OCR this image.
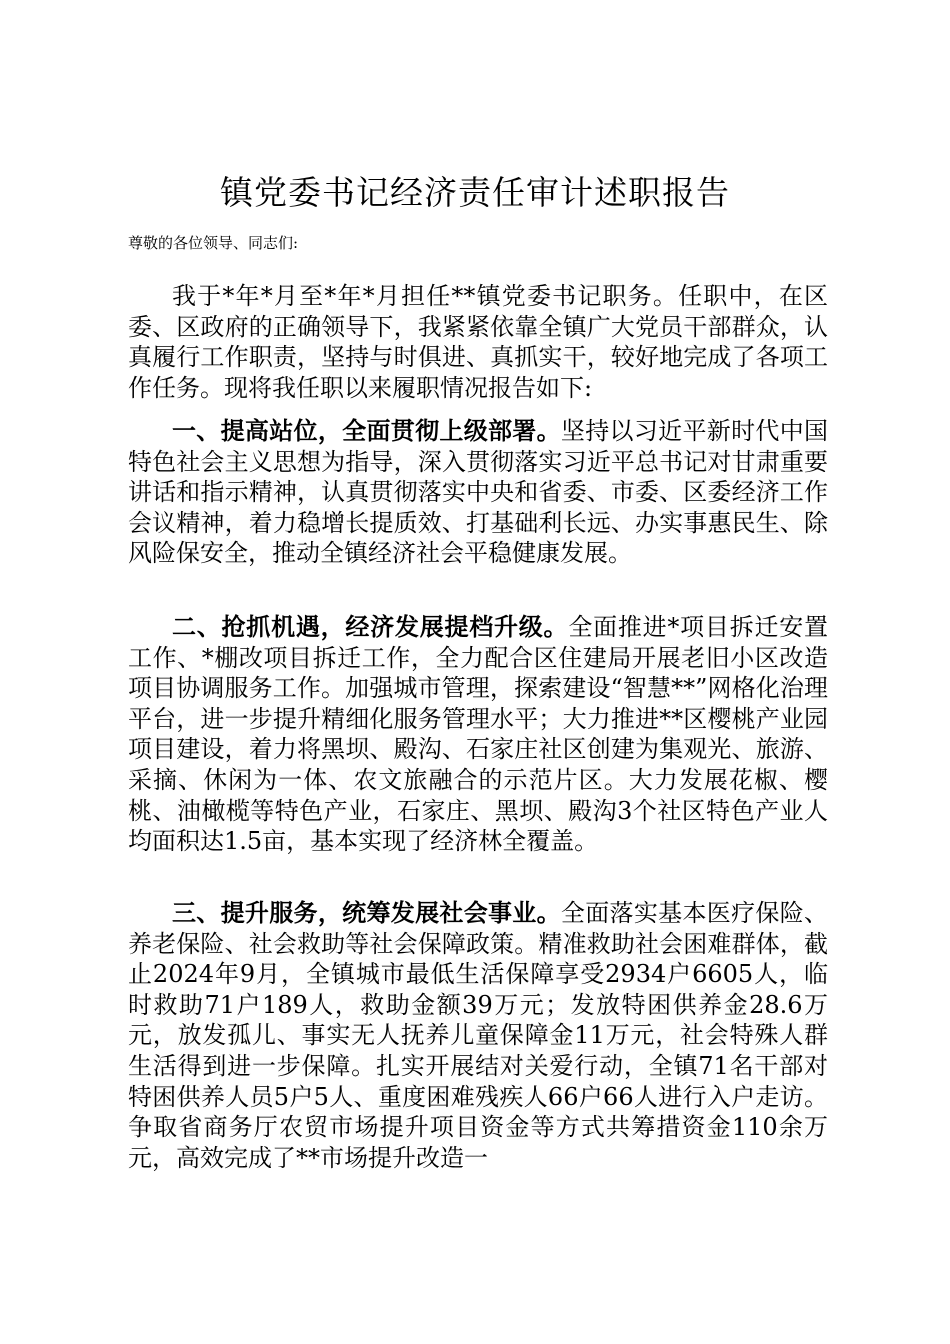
镇党委书记经济责任审计述职报告

尊敬的各位领导、同志们:

我于*年*月至*年*月担任**镇党委书记职务。任职中，在区委、区政府的正确领导下，我紧紧依靠全镇广大党员干部群众，认真履行工作职责，坚持与时俱进、真抓实干，较好地完成了各项工作任务。现将我任职以来履职情况报告如下:

一、提高站位，全面贯彻上级部署。坚持以习近平新时代中国特色社会主义思想为指导，深入贯彻落实习近平总书记对甘肃重要讲话和指示精神，认真贯彻落实中央和省委、市委、区委经济工作会议精神，着力稳增长提质效、打基础利长远、办实事惠民生、除风险保安全，推动全镇经济社会平稳健康发展。

二、抢抓机遇，经济发展提档升级。全面推进*项目拆迁安置工作、*棚改项目拆迁工作，全力配合区住建局开展老旧小区改造项目协调服务工作。加强城市管理，探索建设“智慧**”网格化治理平台，进一步提升精细化服务管理水平；大力推进**区樱桃产业园项目建设，着力将黑坝、殿沟、石家庄社区创建为集观光、旅游、采摘、休闲为一体、农文旅融合的示范片区。大力发展花椒、樱桃、油橄榄等特色产业，石家庄、黑坝、殿沟3个社区特色产业人均面积达1.5亩，基本实现了经济林全覆盖。

三、提升服务，统筹发展社会事业。全面落实基本医疗保险、养老保险、社会救助等社会保障政策。精准救助社会困难群体，截止2024年9月，全镇城市最低生活保障享受2934户6605人，临时救助71户189人，救助金额39万元；发放特困供养金28.6万元，放发孤儿、事实无人抚养儿童保障金11万元，社会特殊人群生活得到进一步保障。扎实开展结对关爱行动，全镇71名干部对特困供养人员5户5人、重度困难残疾人66户66人进行入户走访。争取省商务厅农贸市场提升项目资金等方式共筹措资金110余万元，高效完成了**市场提升改造一
